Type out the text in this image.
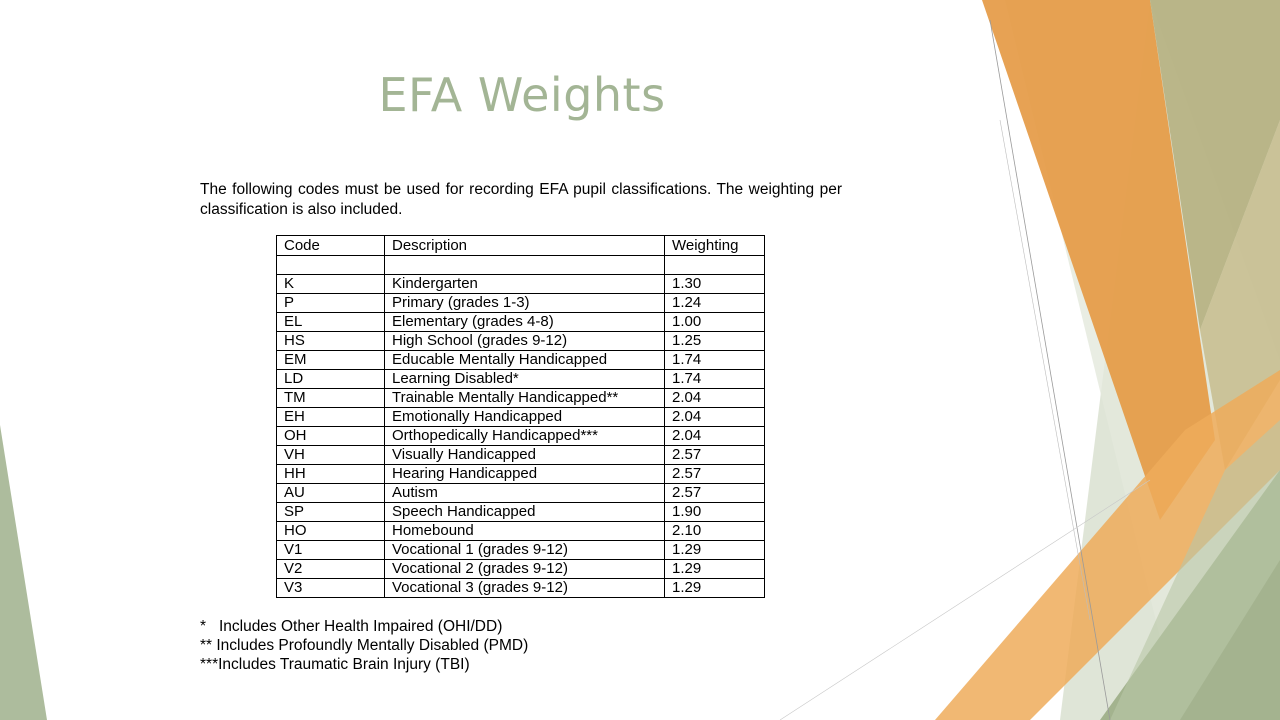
EFA Weights
The following codes must be used for recording EFA pupil classifications. The weighting per classification is also included.
Code	Description	Weighting

K	Kindergarten	1.30
P	Primary (grades 1-3)	1.24
EL	Elementary (grades 4-8)	1.00
HS	High School (grades 9-12)	1.25
EM	Educable Mentally Handicapped	1.74
LD	Learning Disabled*	1.74
TM	Trainable Mentally Handicapped**	2.04
EH	Emotionally Handicapped	2.04
OH	Orthopedically Handicapped***	2.04
VH	Visually Handicapped	2.57
HH	Hearing Handicapped	2.57
AU	Autism	2.57
SP	Speech Handicapped	1.90
HO	Homebound	2.10
V1	Vocational 1 (grades 9-12)	1.29
V2	Vocational 2 (grades 9-12)	1.29
V3	Vocational 3 (grades 9-12)	1.29
*   Includes Other Health Impaired (OHI/DD)
** Includes Profoundly Mentally Disabled (PMD)
***Includes Traumatic Brain Injury (TBI)
